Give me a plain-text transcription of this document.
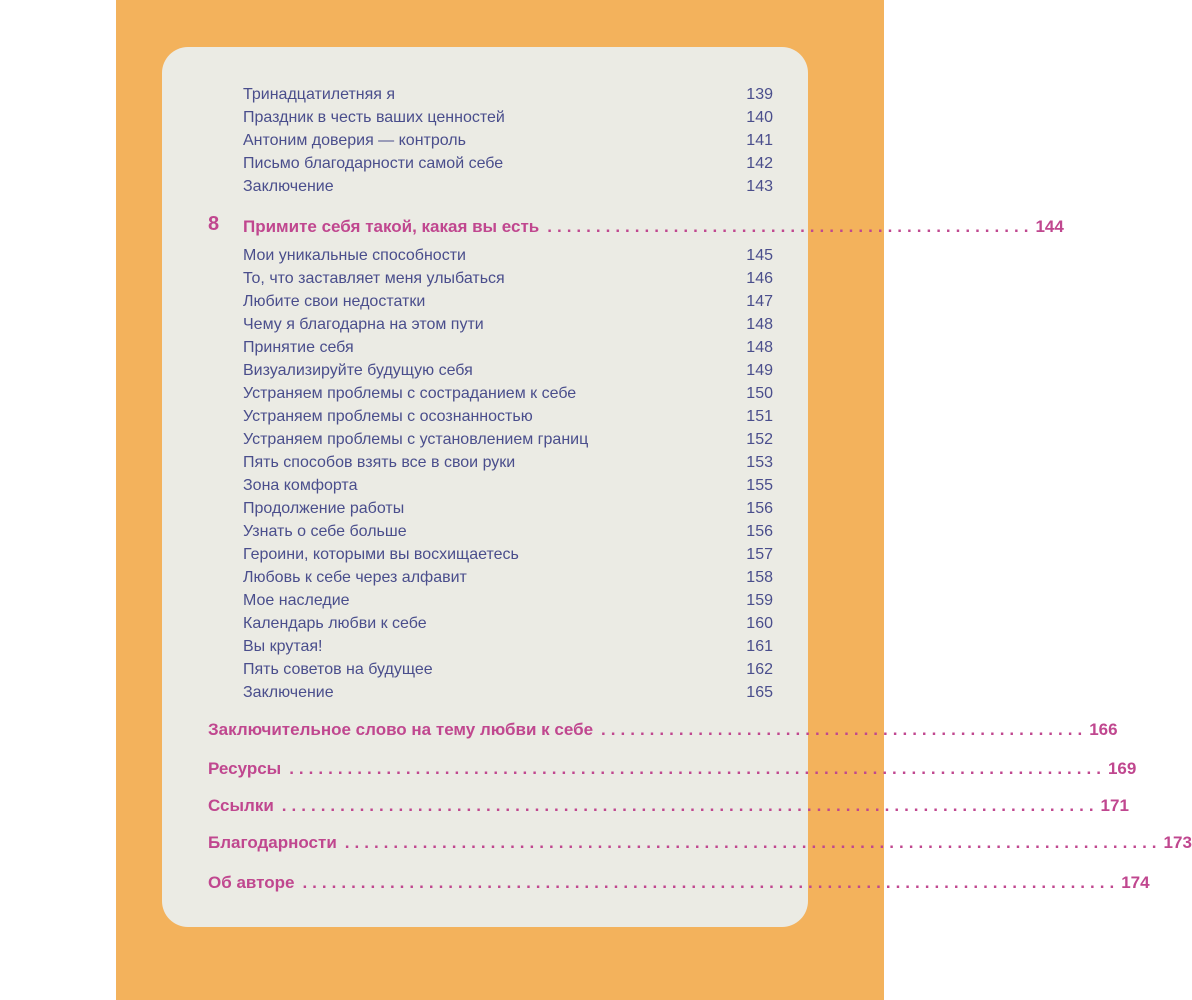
Тринадцатилетняя я	139
Праздник в честь ваших ценностей	140
Антоним доверия — контроль	141
Письмо благодарности самой себе	142
Заключение	143
8 Примите себя такой, какая вы есть .................................................. 144
Мои уникальные способности	145
То, что заставляет меня улыбаться	146
Любите свои недостатки	147
Чему я благодарна на этом пути	148
Принятие себя	148
Визуализируйте будущую себя	149
Устраняем проблемы с состраданием к себе	150
Устраняем проблемы с осознанностью	151
Устраняем проблемы с установлением границ	152
Пять способов взять все в свои руки	153
Зона комфорта	155
Продолжение работы	156
Узнать о себе больше	156
Героини, которыми вы восхищаетесь	157
Любовь к себе через алфавит	158
Мое наследие	159
Календарь любви к себе	160
Вы крутая!	161
Пять советов на будущее	162
Заключение	165
Заключительное слово на тему любви к себе .................................................. 166
Ресурсы .................................................................................... 169
Ссылки .................................................................................... 171
Благодарности .................................................................................... 173
Об авторе .................................................................................... 174
